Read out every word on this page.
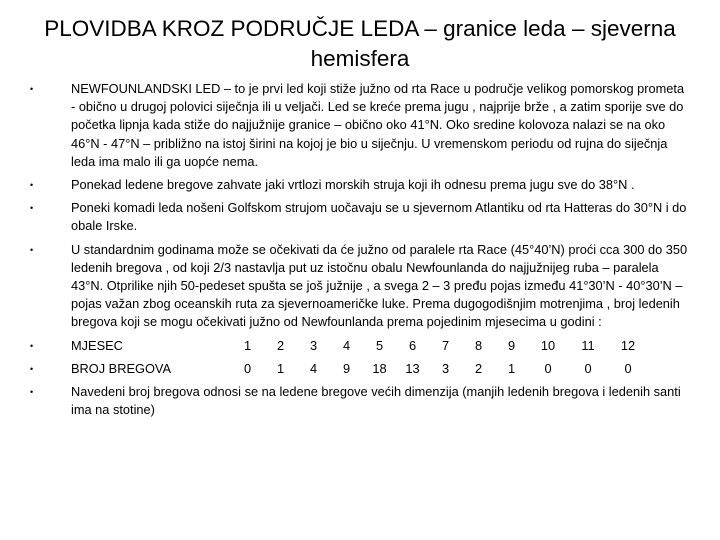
PLOVIDBA KROZ PODRUČJE LEDA – granice leda – sjeverna hemisfera
•	NEWFOUNLANDSKI LED – to je prvi led koji stiže južno od rta Race u područje velikog pomorskog prometa - obično u drugoj polovici siječnja ili u veljači. Led se kreće prema jugu , najprije brže , a zatim sporije sve do početka lipnja kada stiže do najjužnije granice – obično oko 41°N. Oko sredine kolovoza nalazi se na oko 46°N - 47°N – približno na istoj širini na kojoj je bio u siječnju. U vremenskom periodu od rujna do siječnja leda ima malo ili ga uopće nema.
•	Ponekad ledene bregove zahvate jaki vrtlozi morskih struja koji ih odnesu prema jugu sve do 38°N .
•	Poneki komadi leda nošeni Golfskom strujom uočavaju se u sjevernom Atlantiku od rta Hatteras do 30°N i do obale Irske.
•	U standardnim godinama može se očekivati da će južno od paralele rta Race (45°40’N) proći cca 300 do 350 ledenih bregova , od koji 2/3 nastavlja put uz istočnu obalu Newfounlanda do najjužnijeg ruba – paralela 43°N. Otprilike njih 50-pedeset spušta se još južnije , a svega 2 – 3 pređu pojas između 41°30’N - 40°30’N – pojas važan zbog oceanskih ruta za sjevernoameričke luke. Prema dugogodišnjim motrenjima , broj ledenih bregova koji se mogu očekivati južno od Newfounlanda prema pojedinim mjesecima u godini :
•	MJESEC	1	2	3	4	5	6	7	8	9	10	11	12
•	BROJ BREGOVA	0	1	4	9	18	13	3	2	1	0	0	0
•	Navedeni broj bregova odnosi se na ledene bregove većih dimenzija (manjih ledenih bregova i ledenih santi ima na stotine)
